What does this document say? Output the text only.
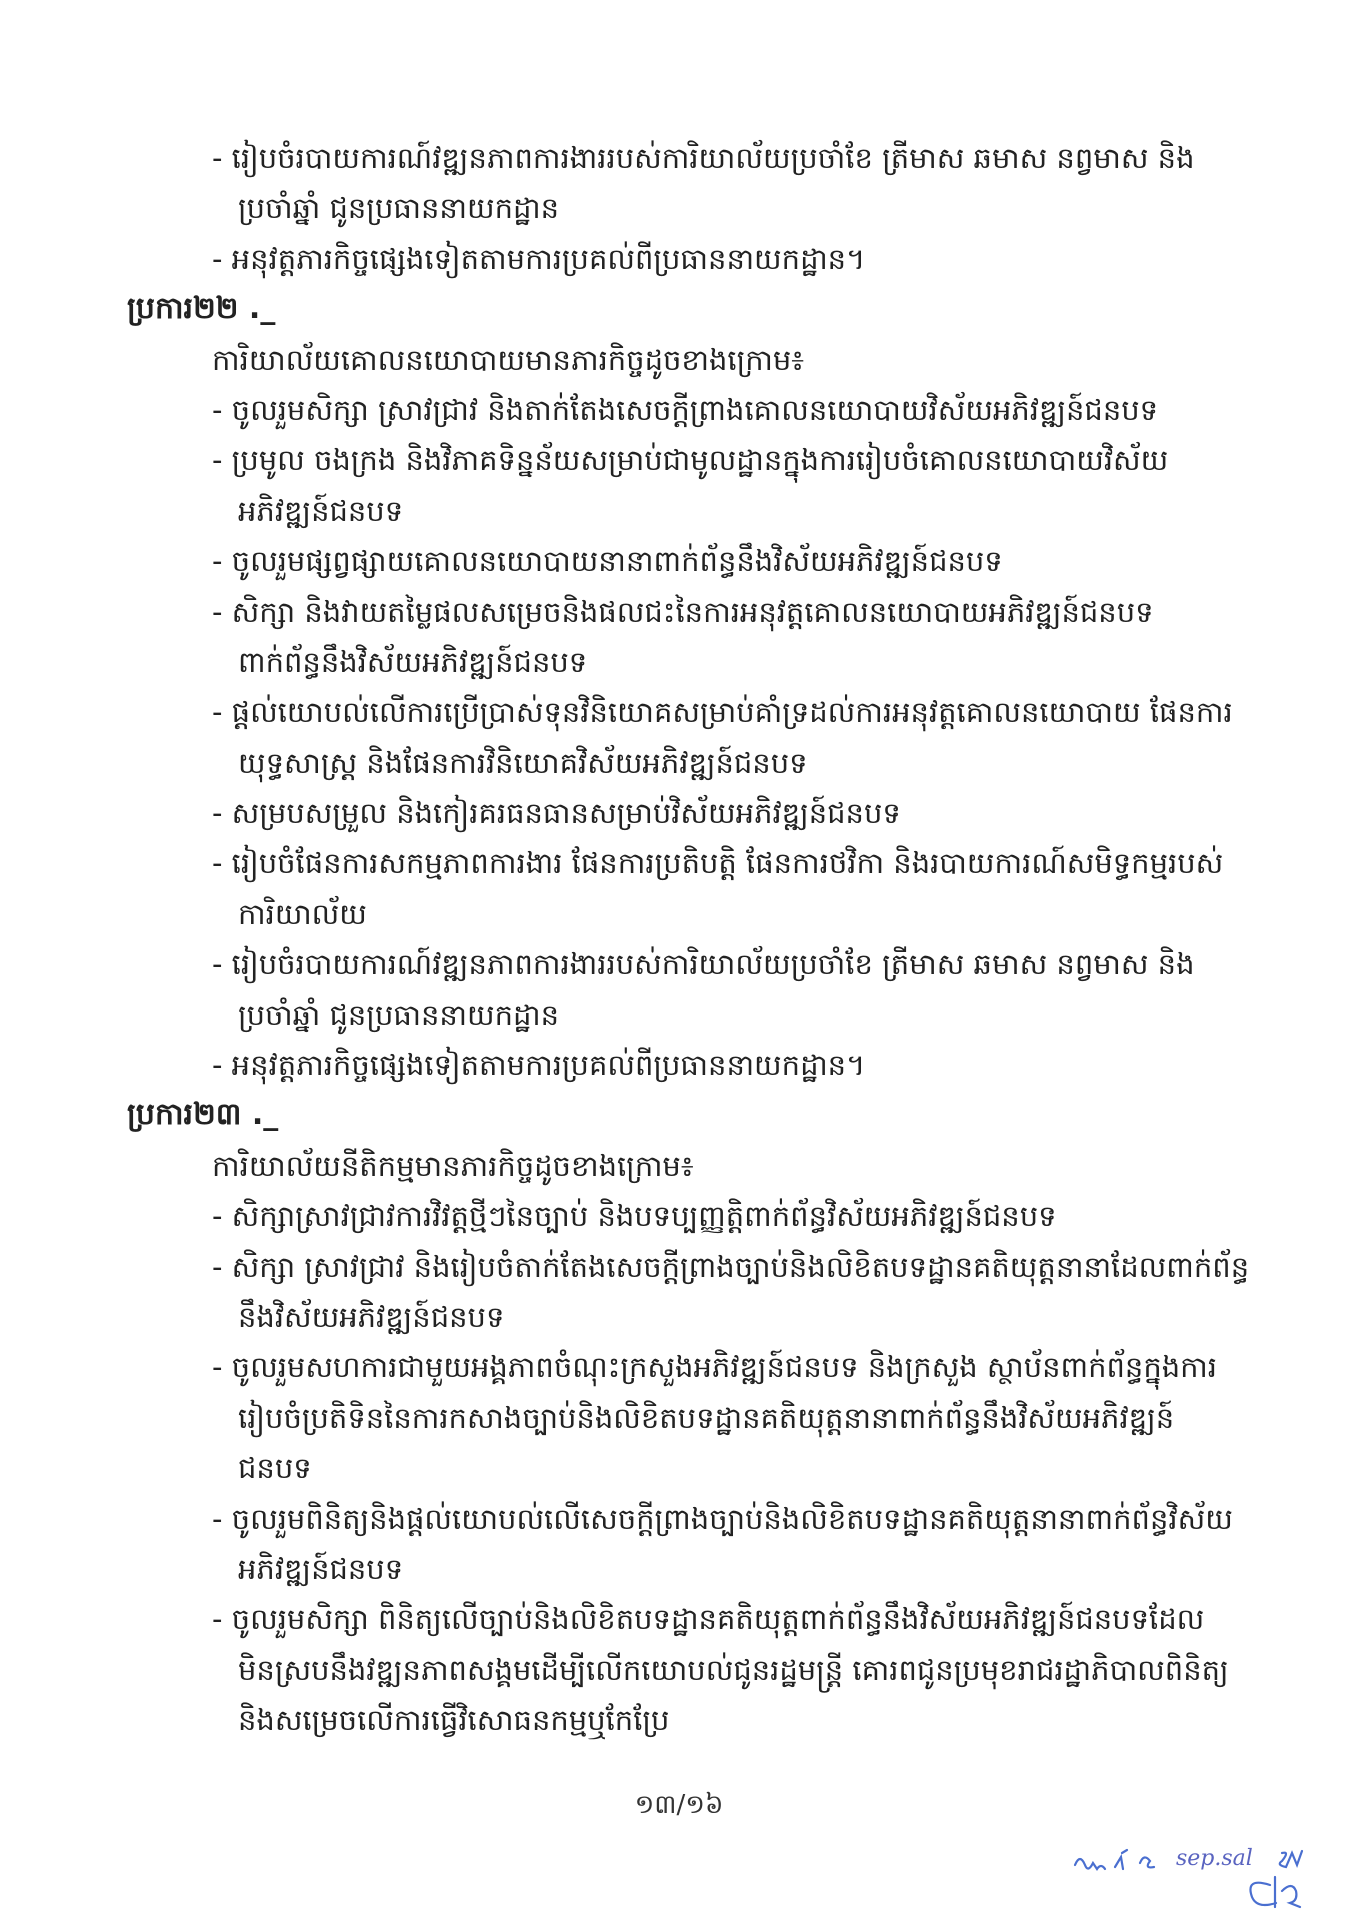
- រៀបចំរបាយការណ៍វឌ្ឍនភាពការងាររបស់ការិយាល័យប្រចាំខែ ត្រីមាស ឆមាស នព្វមាស និង
ប្រចាំឆ្នាំ ជូនប្រធាននាយកដ្ឋាន
- អនុវត្តភារកិច្ចផ្សេងទៀតតាមការប្រគល់ពីប្រធាននាយកដ្ឋាន។
ប្រការ២២ ._
ការិយាល័យគោលនយោបាយមានភារកិច្ចដូចខាងក្រោម៖
- ចូលរួមសិក្សា ស្រាវជ្រាវ និងតាក់តែងសេចក្ដីព្រាងគោលនយោបាយវិស័យអភិវឌ្ឍន៍ជនបទ
- ប្រមូល ចងក្រង និងវិភាគទិន្នន័យសម្រាប់ជាមូលដ្ឋានក្នុងការរៀបចំគោលនយោបាយវិស័យ
អភិវឌ្ឍន៍ជនបទ
- ចូលរួមផ្សព្វផ្សាយគោលនយោបាយនានាពាក់ព័ន្ធនឹងវិស័យអភិវឌ្ឍន៍ជនបទ
- សិក្សា និងវាយតម្លៃផលសម្រេចនិងផលជះនៃការអនុវត្តគោលនយោបាយអភិវឌ្ឍន៍ជនបទ
ពាក់ព័ន្ធនឹងវិស័យអភិវឌ្ឍន៍ជនបទ
- ផ្ដល់យោបល់លើការប្រើប្រាស់ទុនវិនិយោគសម្រាប់គាំទ្រដល់ការអនុវត្តគោលនយោបាយ ផែនការ
យុទ្ធសាស្ត្រ និងផែនការវិនិយោគវិស័យអភិវឌ្ឍន៍ជនបទ
- សម្របសម្រួល និងកៀរគរធនធានសម្រាប់វិស័យអភិវឌ្ឍន៍ជនបទ
- រៀបចំផែនការសកម្មភាពការងារ ផែនការប្រតិបត្តិ ផែនការថវិកា និងរបាយការណ៍សមិទ្ធកម្មរបស់
ការិយាល័យ
- រៀបចំរបាយការណ៍វឌ្ឍនភាពការងាររបស់ការិយាល័យប្រចាំខែ ត្រីមាស ឆមាស នព្វមាស និង
ប្រចាំឆ្នាំ ជូនប្រធាននាយកដ្ឋាន
- អនុវត្តភារកិច្ចផ្សេងទៀតតាមការប្រគល់ពីប្រធាននាយកដ្ឋាន។
ប្រការ២៣ ._
ការិយាល័យនីតិកម្មមានភារកិច្ចដូចខាងក្រោម៖
- សិក្សាស្រាវជ្រាវការវិវត្តថ្មីៗនៃច្បាប់ និងបទប្បញ្ញត្តិពាក់ព័ន្ធវិស័យអភិវឌ្ឍន៍ជនបទ
- សិក្សា ស្រាវជ្រាវ និងរៀបចំតាក់តែងសេចក្ដីព្រាងច្បាប់និងលិខិតបទដ្ឋានគតិយុត្តនានាដែលពាក់ព័ន្ធ
នឹងវិស័យអភិវឌ្ឍន៍ជនបទ
- ចូលរួមសហការជាមួយអង្គភាពចំណុះក្រសួងអភិវឌ្ឍន៍ជនបទ និងក្រសួង ស្ថាប័នពាក់ព័ន្ធក្នុងការ
រៀបចំប្រតិទិននៃការកសាងច្បាប់និងលិខិតបទដ្ឋានគតិយុត្តនានាពាក់ព័ន្ធនឹងវិស័យអភិវឌ្ឍន៍
ជនបទ
- ចូលរួមពិនិត្យនិងផ្ដល់យោបល់លើសេចក្ដីព្រាងច្បាប់និងលិខិតបទដ្ឋានគតិយុត្តនានាពាក់ព័ន្ធវិស័យ
អភិវឌ្ឍន៍ជនបទ
- ចូលរួមសិក្សា ពិនិត្យលើច្បាប់និងលិខិតបទដ្ឋានគតិយុត្តពាក់ព័ន្ធនឹងវិស័យអភិវឌ្ឍន៍ជនបទដែល
មិនស្របនឹងវឌ្ឍនភាពសង្គមដើម្បីលើកយោបល់ជូនរដ្ឋមន្ត្រី គោរពជូនប្រមុខរាជរដ្ឋាភិបាលពិនិត្យ
និងសម្រេចលើការធ្វើវិសោធនកម្មឬកែប្រែ
១៣/១៦
sep.sal
